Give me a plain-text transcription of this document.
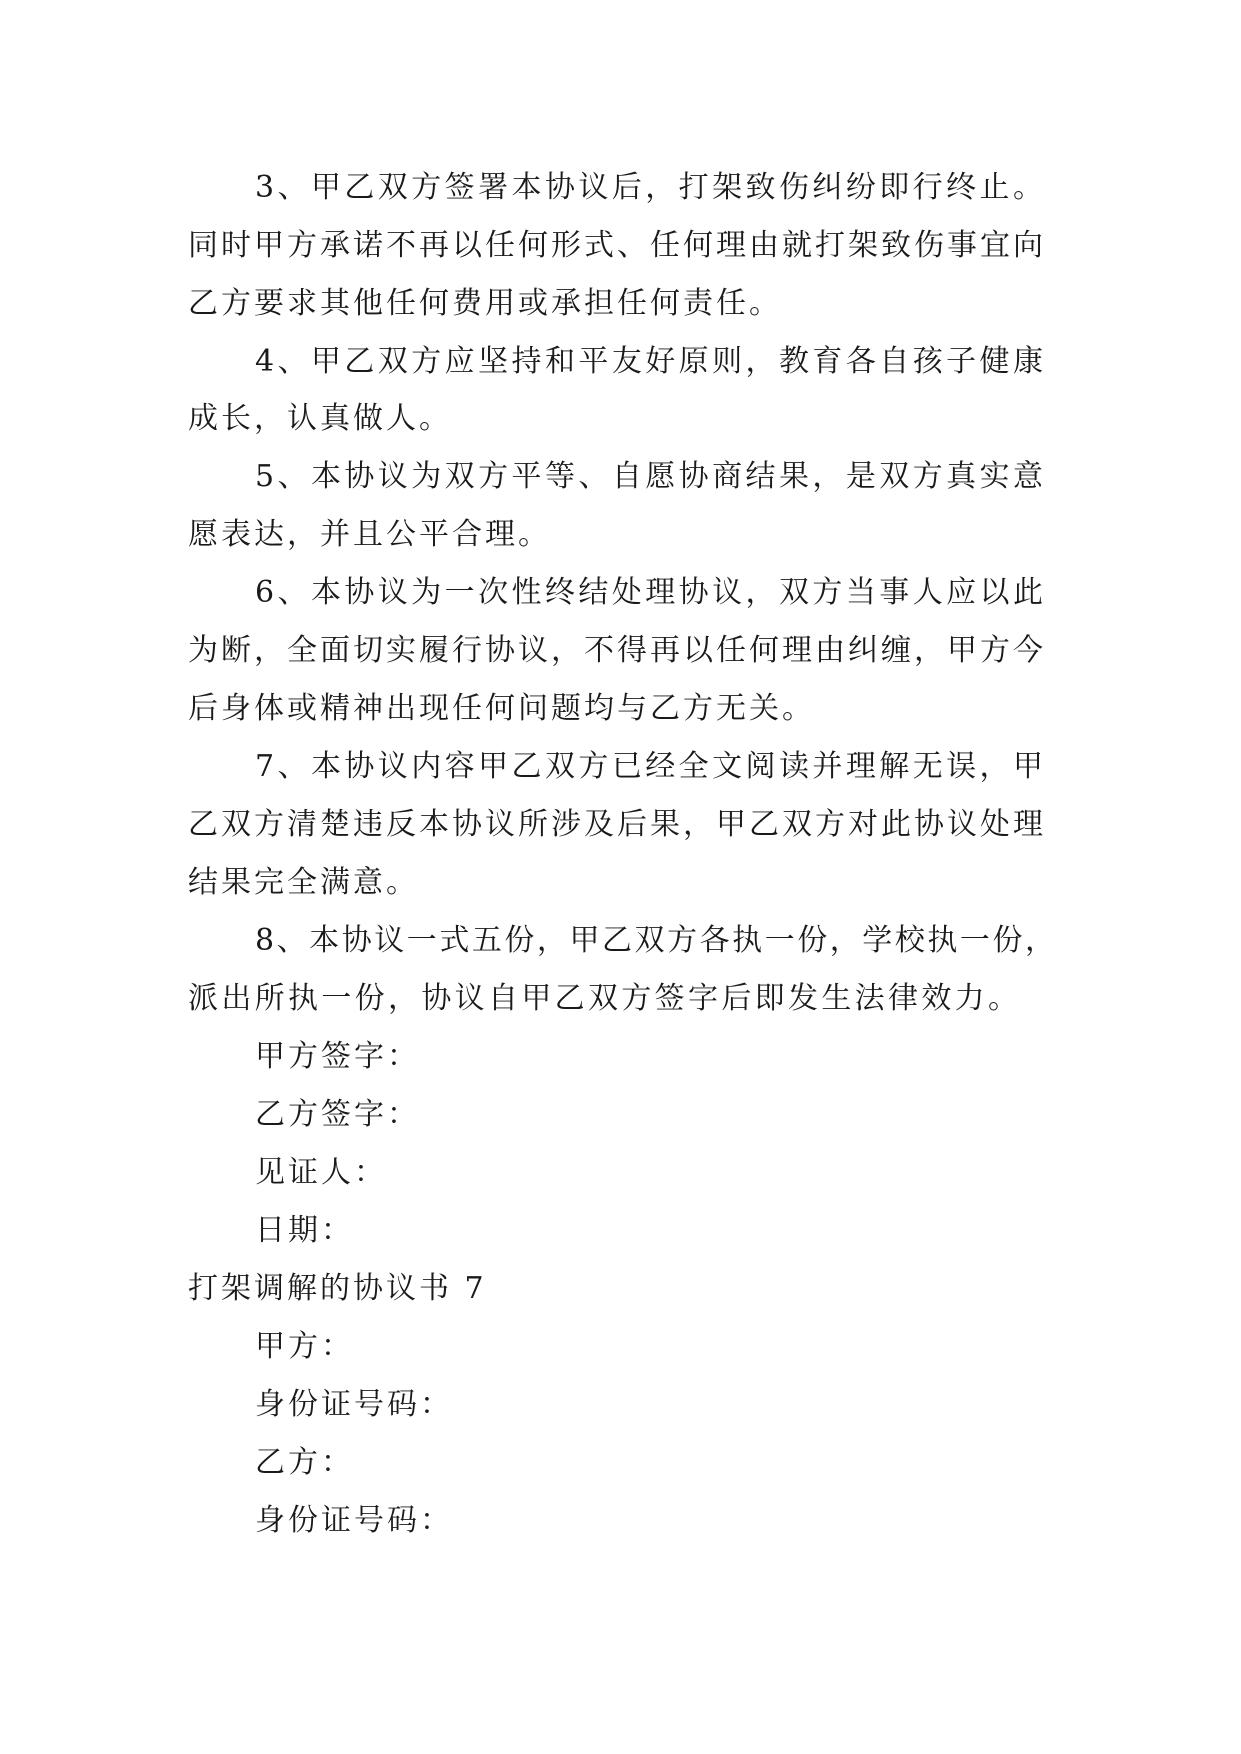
3、甲乙双方签署本协议后，打架致伤纠纷即行终止。
同时甲方承诺不再以任何形式、任何理由就打架致伤事宜向
乙方要求其他任何费用或承担任何责任。
4、甲乙双方应坚持和平友好原则，教育各自孩子健康
成长，认真做人。
5、本协议为双方平等、自愿协商结果，是双方真实意
愿表达，并且公平合理。
6、本协议为一次性终结处理协议，双方当事人应以此
为断，全面切实履行协议，不得再以任何理由纠缠，甲方今
后身体或精神出现任何问题均与乙方无关。
7、本协议内容甲乙双方已经全文阅读并理解无误，甲
乙双方清楚违反本协议所涉及后果，甲乙双方对此协议处理
结果完全满意。
8、本协议一式五份，甲乙双方各执一份，学校执一份，
派出所执一份，协议自甲乙双方签字后即发生法律效力。
甲方签字：
乙方签字：
见证人：
日期：
打架调解的协议书 7
甲方：
身份证号码：
乙方：
身份证号码：
